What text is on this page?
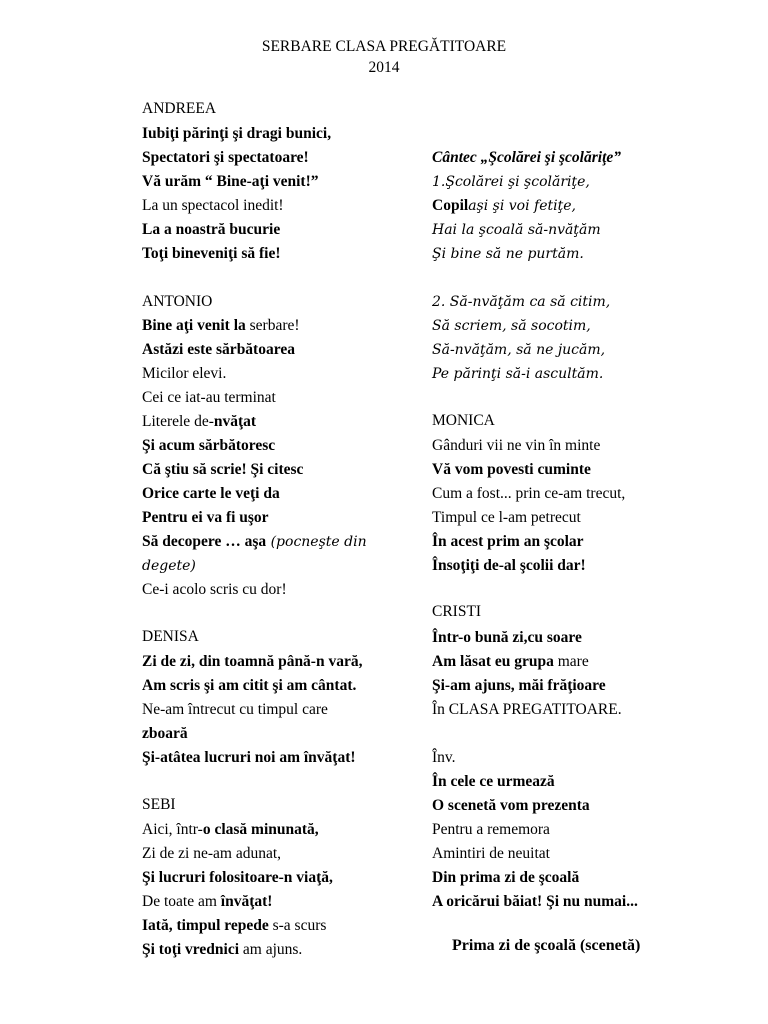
SERBARE CLASA PREGĂTITOARE
2014
ANDREEA
Iubiţi părinţi şi dragi bunici,
Spectatori şi spectatoare!
Vă urăm “ Bine-aţi venit!”
La un spectacol inedit!
La a noastră bucurie
Toţi bineveniţi să fie!
ANTONIO
Bine aţi venit la serbare!
Astăzi este sărbătoarea
Micilor elevi.
Cei ce iat-au terminat
Literele de-nvăţat
Şi acum sărbătoresc
Că ştiu să scrie! Şi citesc
Orice carte le veţi da
Pentru ei va fi uşor
Să decopere … aşa (pocneşte din
degete)
Ce-i acolo scris cu dor!
DENISA
Zi de zi, din toamnă până-n vară,
Am scris şi am citit şi am cântat.
Ne-am întrecut cu timpul care
zboară
Şi-atâtea lucruri noi am învăţat!
SEBI
Aici, într-o clasă minunată,
Zi de zi ne-am adunat,
Şi lucruri folositoare-n viaţă,
De toate am învăţat!
Iată, timpul repede s-a scurs
Şi toţi vrednici am ajuns.
Cântec „Şcolărei şi şcolăriţe”
1.Şcolărei şi şcolăriţe,
Copilaşi şi voi fetiţe,
Hai la şcoală să-nvăţăm
Şi bine să ne purtăm.
2. Să-nvăţăm ca să citim,
Să scriem, să socotim,
Să-nvăţăm, să ne jucăm,
Pe părinţi să-i ascultăm.
MONICA
Gânduri vii ne vin în minte
Vă vom povesti cuminte
Cum a fost... prin ce-am trecut,
Timpul ce l-am petrecut
În acest prim an şcolar
Însoţiţi de-al şcolii dar!
CRISTI
Într-o bună zi,cu soare
Am lăsat eu grupa mare
Şi-am ajuns, măi frăţioare
În CLASA PREGATITOARE.
Înv.
În cele ce urmează
O scenetă vom prezenta
Pentru a rememora
Amintiri de neuitat
Din prima zi de şcoală
A oricărui băiat! Şi nu numai...
Prima zi de şcoală (scenetă)
